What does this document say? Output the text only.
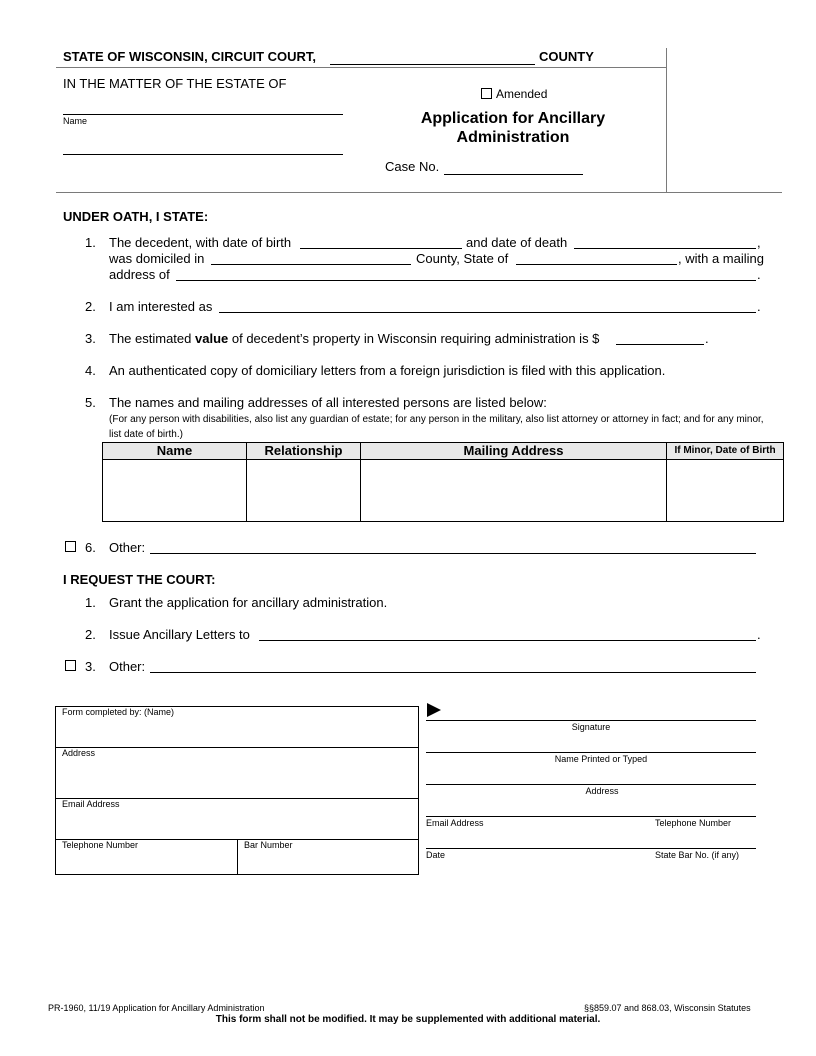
STATE OF WISCONSIN, CIRCUIT COURT,	COUNTY
IN THE MATTER OF THE ESTATE OF
Name
Amended
Application for Ancillary
Administration
Case No.
UNDER OATH, I STATE:
1. The decedent, with date of birth	and date of death	,
was domiciled in	County, State of	, with a mailing
address of	.
2. I am interested as	.
3. The estimated value of decedent’s property in Wisconsin requiring administration is $	.
4. An authenticated copy of domiciliary letters from a foreign jurisdiction is filed with this application.
5. The names and mailing addresses of all interested persons are listed below:
(For any person with disabilities, also list any guardian of estate; for any person in the military, also list attorney or attorney in fact; and for any minor, list date of birth.)
Name	Relationship	Mailing Address	If Minor, Date of Birth

6. Other:
I REQUEST THE COURT:
1. Grant the application for ancillary administration.
2. Issue Ancillary Letters to	.
3. Other:
Form completed by: (Name)
Address
Email Address
Telephone Number	Bar Number
Signature
Name Printed or Typed
Address
Email Address	Telephone Number
Date	State Bar No. (if any)
PR-1960, 11/19 Application for Ancillary Administration	§§859.07 and 868.03, Wisconsin Statutes
This form shall not be modified. It may be supplemented with additional material.
